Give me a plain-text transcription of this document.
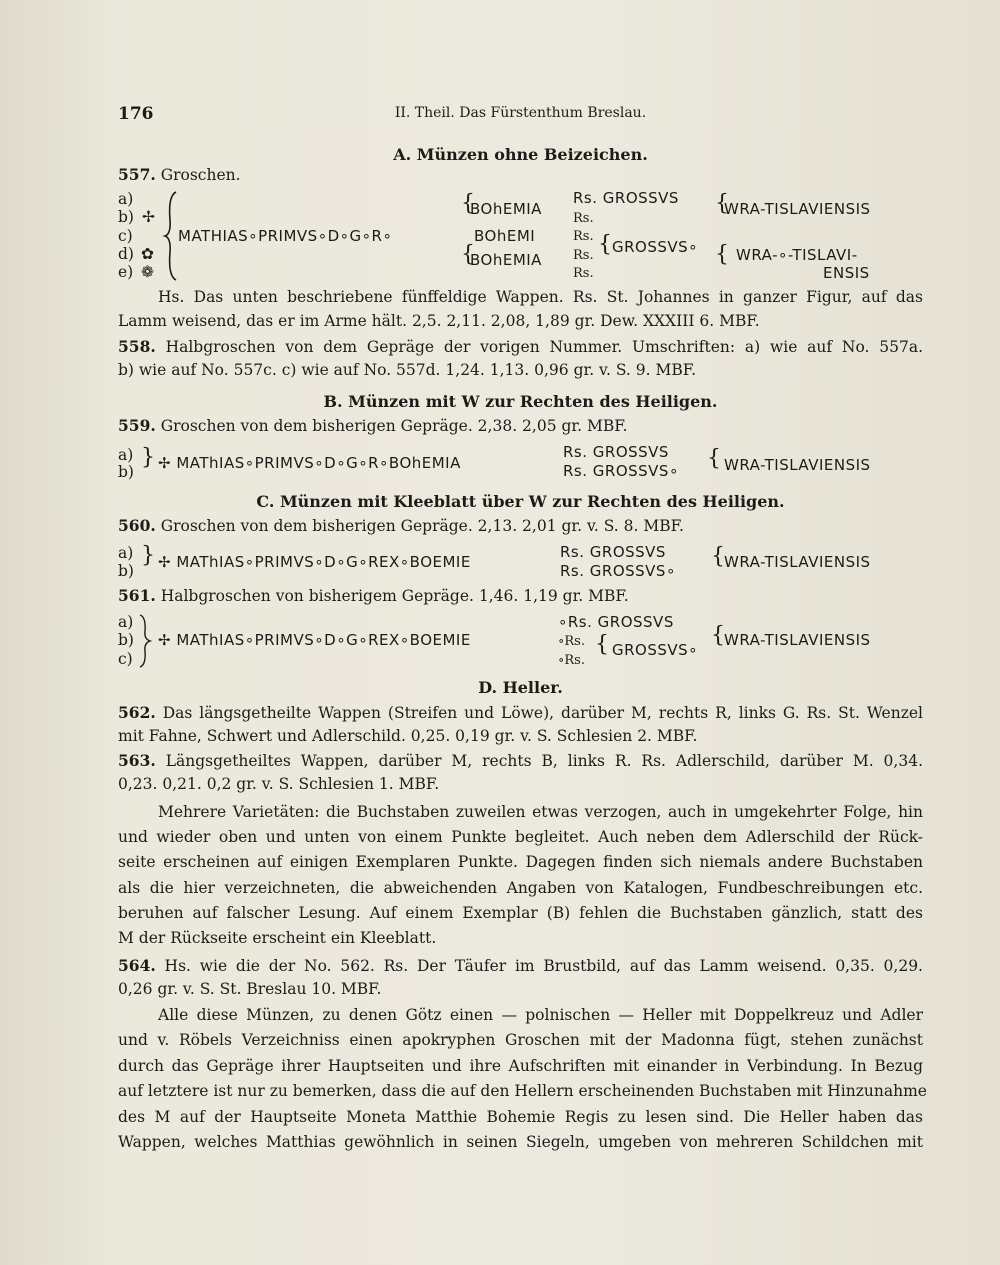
176	II. Theil. Das Fürstenthum Breslau.
A. Münzen ohne Beizeichen.
557. Groschen.
a)
b)
c)
d)
e)
✢
✿
❁
MATHIAS∘PRIMVS∘D∘G∘R∘
{
BOhEMIA
BOhEMI
{
BOhEMIA
Rs. GROSSVS
Rs.
Rs.
Rs.
Rs.
{ GROSSVS∘
{
WRA-TISLAVIENSIS
{ WRA-∘-TISLAVI-
ENSIS
Hs. Das unten beschriebene fünffeldige Wappen. Rs. St. Johannes in ganzer Figur, auf das
Lamm weisend, das er im Arme hält. 2,5. 2,11. 2,08, 1,89 gr. Dew. XXXIII 6. MBF.
558. Halbgroschen von dem Gepräge der vorigen Nummer. Umschriften: a) wie auf No. 557a.
b) wie auf No. 557c. c) wie auf No. 557d. 1,24. 1,13. 0,96 gr. v. S. 9. MBF.
B. Münzen mit W zur Rechten des Heiligen.
559. Groschen von dem bisherigen Gepräge. 2,38. 2,05 gr. MBF.
a)
b)
} ✢ MAThIAS∘PRIMVS∘D∘G∘R∘BOhEMIA
Rs. GROSSVS
Rs. GROSSVS∘ { WRA-TISLAVIENSIS
C. Münzen mit Kleeblatt über W zur Rechten des Heiligen.
560. Groschen von dem bisherigen Gepräge. 2,13. 2,01 gr. v. S. 8. MBF.
a)
b)
} ✢ MAThIAS∘PRIMVS∘D∘G∘REX∘BOEMIE
Rs. GROSSVS
Rs. GROSSVS∘
{ WRA-TISLAVIENSIS
561. Halbgroschen von bisherigem Gepräge. 1,46. 1,19 gr. MBF.
a)
b)
c)
✢ MAThIAS∘PRIMVS∘D∘G∘REX∘BOEMIE
∘Rs. GROSSVS
∘Rs.
∘Rs.
{ GROSSVS∘
{ WRA-TISLAVIENSIS
D. Heller.
562. Das längsgetheilte Wappen (Streifen und Löwe), darüber M, rechts R, links G. Rs. St. Wenzel
mit Fahne, Schwert und Adlerschild. 0,25. 0,19 gr. v. S. Schlesien 2. MBF.
563. Längsgetheiltes Wappen, darüber M, rechts B, links R. Rs. Adlerschild, darüber M. 0,34.
0,23. 0,21. 0,2 gr. v. S. Schlesien 1. MBF.
Mehrere Varietäten: die Buchstaben zuweilen etwas verzogen, auch in umgekehrter Folge, hin
und wieder oben und unten von einem Punkte begleitet. Auch neben dem Adlerschild der Rück-
seite erscheinen auf einigen Exemplaren Punkte. Dagegen finden sich niemals andere Buchstaben
als die hier verzeichneten, die abweichenden Angaben von Katalogen, Fundbeschreibungen etc.
beruhen auf falscher Lesung. Auf einem Exemplar (B) fehlen die Buchstaben gänzlich, statt des
M der Rückseite erscheint ein Kleeblatt.
564. Hs. wie die der No. 562. Rs. Der Täufer im Brustbild, auf das Lamm weisend. 0,35. 0,29.
0,26 gr. v. S. St. Breslau 10. MBF.
Alle diese Münzen, zu denen Götz einen — polnischen — Heller mit Doppelkreuz und Adler
und v. Röbels Verzeichniss einen apokryphen Groschen mit der Madonna fügt, stehen zunächst
durch das Gepräge ihrer Hauptseiten und ihre Aufschriften mit einander in Verbindung. In Bezug
auf letztere ist nur zu bemerken, dass die auf den Hellern erscheinenden Buchstaben mit Hinzunahme
des M auf der Hauptseite Moneta Matthie Bohemie Regis zu lesen sind. Die Heller haben das
Wappen, welches Matthias gewöhnlich in seinen Siegeln, umgeben von mehreren Schildchen mit
